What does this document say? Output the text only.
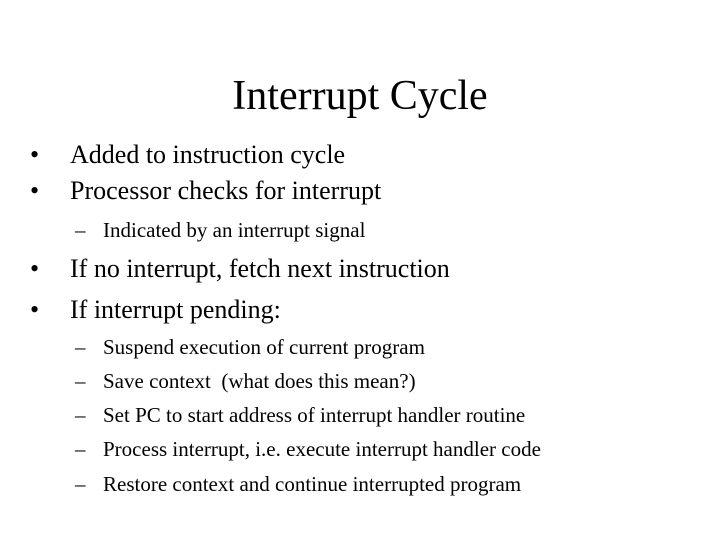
Interrupt Cycle
•	Added to instruction cycle
•	Processor checks for interrupt
– Indicated by an interrupt signal
•	If no interrupt, fetch next instruction
•	If interrupt pending:
– Suspend execution of current program
– Save context  (what does this mean?)
– Set PC to start address of interrupt handler routine
– Process interrupt, i.e. execute interrupt handler code
– Restore context and continue interrupted program
